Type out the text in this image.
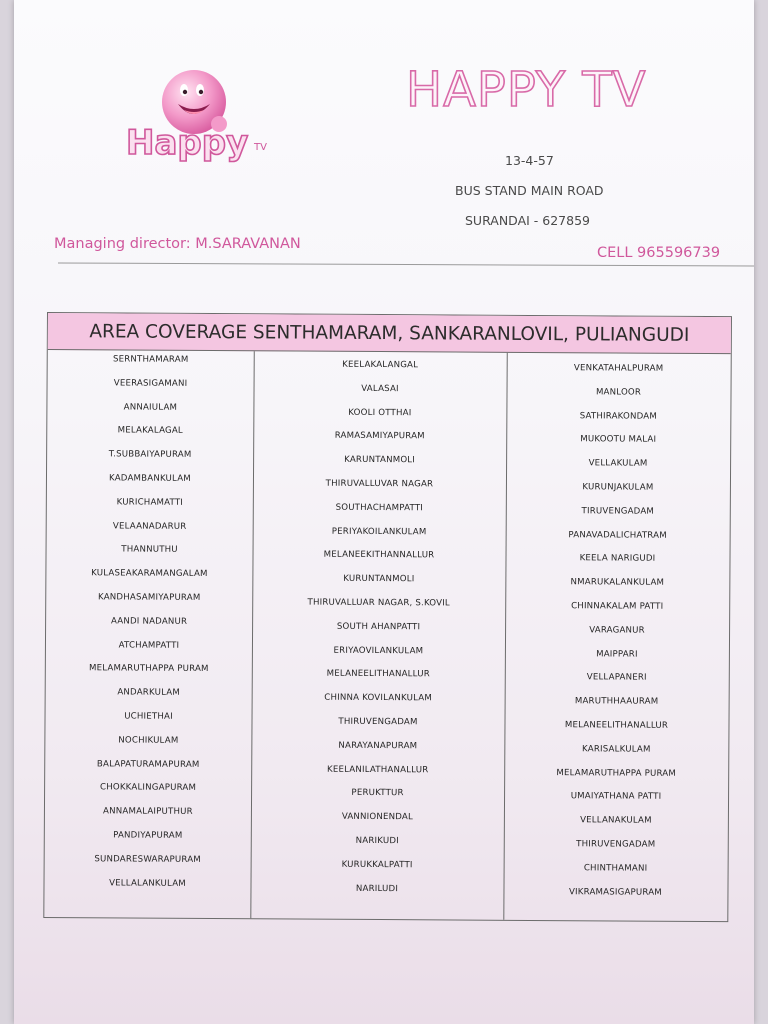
Happy TV
HAPPY TV
13-4-57
BUS STAND MAIN ROAD
SURANDAI - 627859
Managing director: M.SARAVANAN
CELL 965596739
AREA COVERAGE SENTHAMARAM, SANKARANLOVIL, PULIANGUDI
SERNTHAMARAM
VEERASIGAMANI
ANNAIULAM
MELAKALAGAL
T.SUBBAIYAPURAM
KADAMBANKULAM
KURICHAMATTI
VELAANADARUR
THANNUTHU
KULASEAKARAMANGALAM
KANDHASAMIYAPURAM
AANDI NADANUR
ATCHAMPATTI
MELAMARUTHAPPA PURAM
ANDARKULAM
UCHIETHAI
NOCHIKULAM
BALAPATURAMAPURAM
CHOKKALINGAPURAM
ANNAMALAIPUTHUR
PANDIYAPURAM
SUNDARESWARAPURAM
VELLALANKULAM
KEELAKALANGAL
VALASAI
KOOLI OTTHAI
RAMASAMIYAPURAM
KARUNTANMOLI
THIRUVALLUVAR NAGAR
SOUTHACHAMPATTI
PERIYAKOILANKULAM
MELANEEKITHANNALLUR
KURUNTANMOLI
THIRUVALLUAR NAGAR, S.KOVIL
SOUTH AHANPATTI
ERIYAOVILANKULAM
MELANEELITHANALLUR
CHINNA KOVILANKULAM
THIRUVENGADAM
NARAYANAPURAM
KEELANILATHANALLUR
PERUKTTUR
VANNIONENDAL
NARIKUDI
KURUKKALPATTI
NARILUDI
VENKATAHALPURAM
MANLOOR
SATHIRAKONDAM
MUKOOTU MALAI
VELLAKULAM
KURUNJAKULAM
TIRUVENGADAM
PANAVADALICHATRAM
KEELA NARIGUDI
NMARUKALANKULAM
CHINNAKALAM PATTI
VARAGANUR
MAIPPARI
VELLAPANERI
MARUTHHAAURAM
MELANEELITHANALLUR
KARISALKULAM
MELAMARUTHAPPA PURAM
UMAIYATHANA PATTI
VELLANAKULAM
THIRUVENGADAM
CHINTHAMANI
VIKRAMASIGAPURAM
